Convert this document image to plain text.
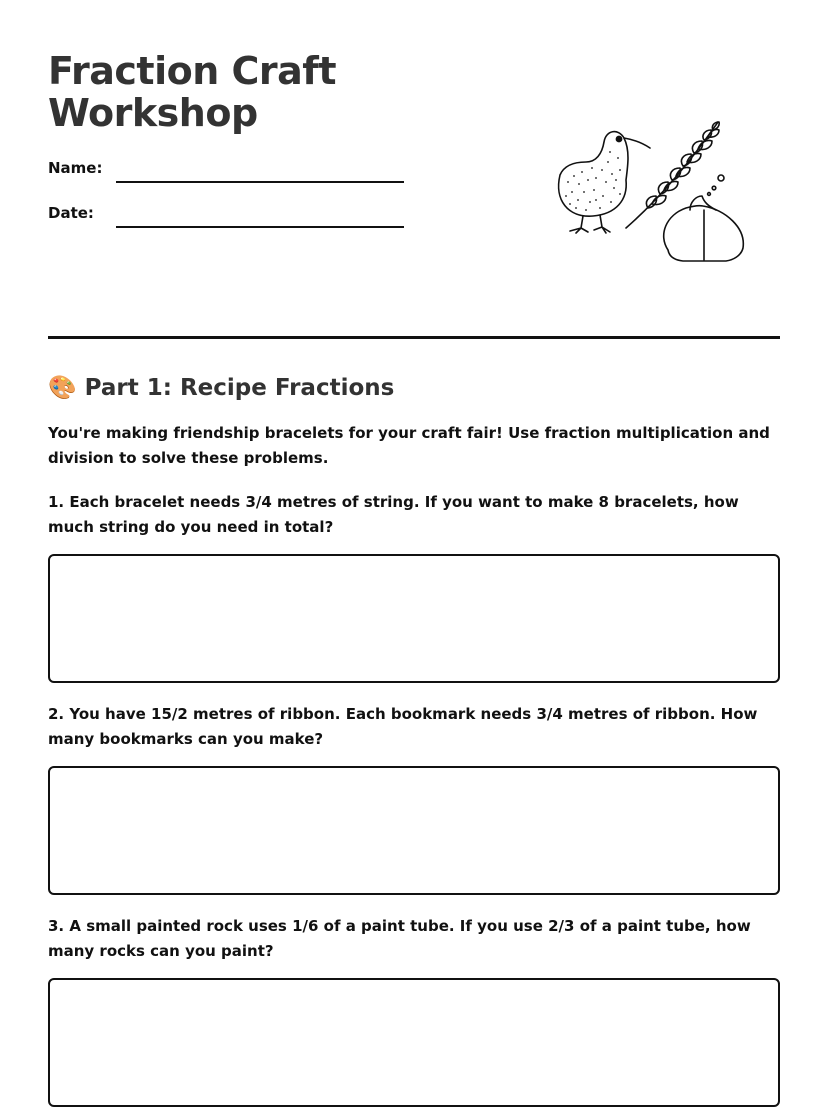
Fraction Craft
Workshop
Name:
Date:
🎨 Part 1: Recipe Fractions

You're making friendship bracelets for your craft fair! Use fraction multiplication and division to solve these problems.

1. Each bracelet needs 3/4 metres of string. If you want to make 8 bracelets, how much string do you need in total?

2. You have 15/2 metres of ribbon. Each bookmark needs 3/4 metres of ribbon. How many bookmarks can you make?

3. A small painted rock uses 1/6 of a paint tube. If you use 2/3 of a paint tube, how many rocks can you paint?
